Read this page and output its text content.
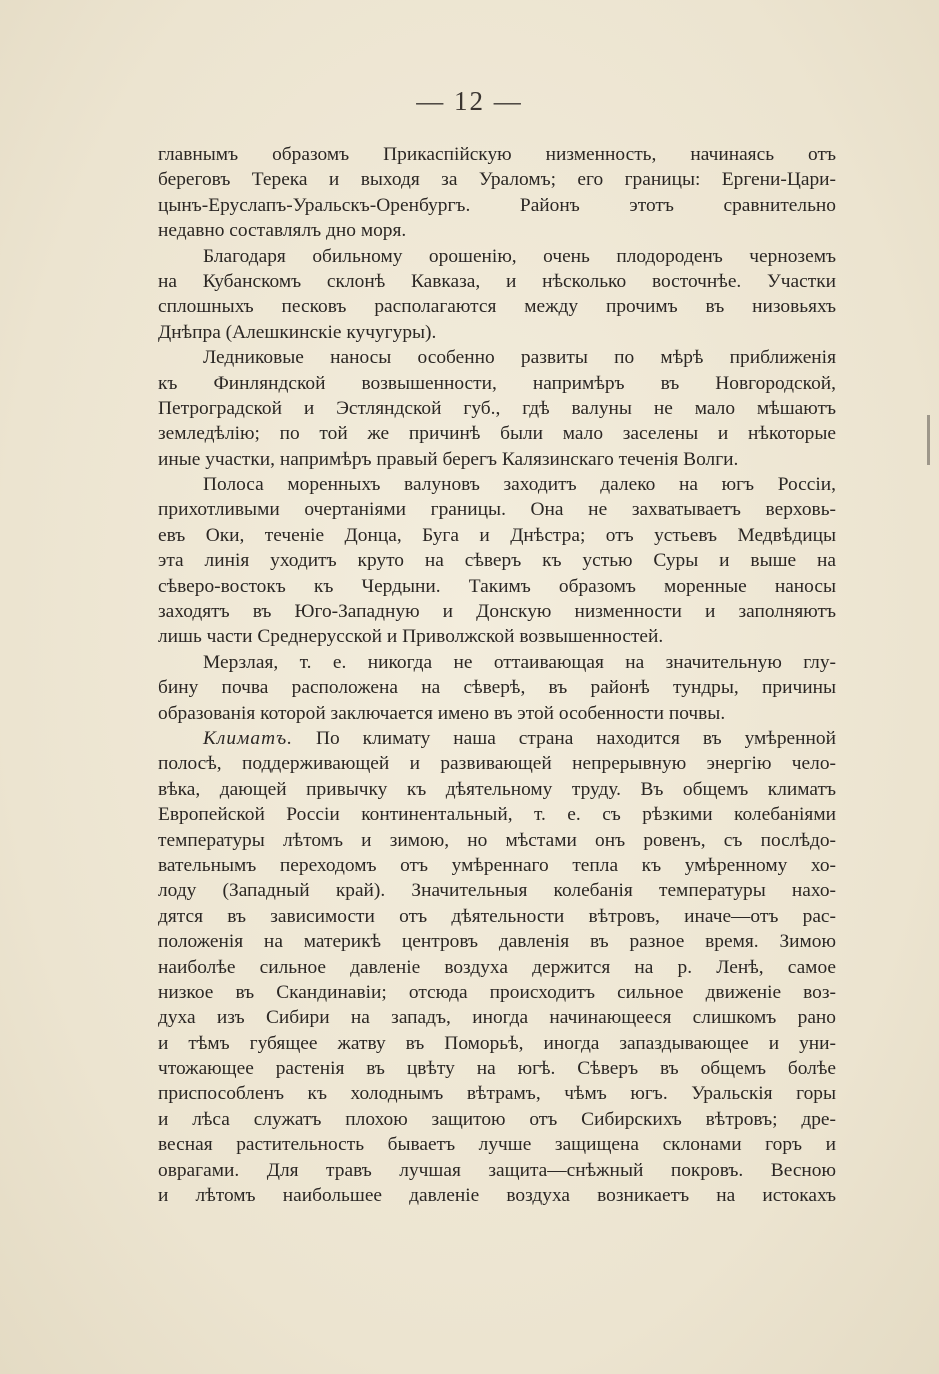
— 12 —
главнымъ образомъ Прикаспійскую низменность, начинаясь отъ
береговъ Терека и выходя за Ураломъ; его границы: Ергени-Цари-
цынъ-Еруслапъ-Уральскъ-Оренбургъ. Районъ этотъ сравнительно
недавно составлялъ дно моря.
Благодаря обильному орошенію, очень плодороденъ черноземъ
на Кубанскомъ склонѣ Кавказа, и нѣсколько восточнѣе. Участки
сплошныхъ песковъ располагаются между прочимъ въ низовьяхъ
Днѣпра (Алешкинскіе кучугуры).
Ледниковые наносы особенно развиты по мѣрѣ приближенія
къ Финляндской возвышенности, напримѣръ въ Новгородской,
Петроградской и Эстляндской губ., гдѣ валуны не мало мѣшаютъ
земледѣлію; по той же причинѣ были мало заселены и нѣкоторые
иные участки, напримѣръ правый берегъ Калязинскаго теченія Волги.
Полоса моренныхъ валуновъ заходитъ далеко на югъ Россіи,
прихотливыми очертаніями границы. Она не захватываетъ верховь-
евъ Оки, теченіе Донца, Буга и Днѣстра; отъ устьевъ Медвѣдицы
эта линія уходитъ круто на сѣверъ къ устью Суры и выше на
сѣверо-востокъ къ Чердыни. Такимъ образомъ моренные наносы
заходятъ въ Юго-Западную и Донскую низменности и заполняютъ
лишь части Среднерусской и Приволжской возвышенностей.
Мерзлая, т. е. никогда не оттаивающая на значительную глу-
бину почва расположена на сѣверѣ, въ районѣ тундры, причины
образованія которой заключается имено въ этой особенности почвы.
Климатъ. По климату наша страна находится въ умѣренной
полосѣ, поддерживающей и развивающей непрерывную энергію чело-
вѣка, дающей привычку къ дѣятельному труду. Въ общемъ климатъ
Европейской Россіи континентальный, т. е. съ рѣзкими колебаніями
температуры лѣтомъ и зимою, но мѣстами онъ ровенъ, съ послѣдо-
вательнымъ переходомъ отъ умѣреннаго тепла къ умѣренному хо-
лоду (Западный край). Значительныя колебанія температуры нахо-
дятся въ зависимости отъ дѣятельности вѣтровъ, иначе—отъ рас-
положенія на материкѣ центровъ давленія въ разное время. Зимою
наиболѣе сильное давленіе воздуха держится на р. Ленѣ, самое
низкое въ Скандинавіи; отсюда происходитъ сильное движеніе воз-
духа изъ Сибири на западъ, иногда начинающееся слишкомъ рано
и тѣмъ губящее жатву въ Поморьѣ, иногда запаздывающее и уни-
чтожающее растенія въ цвѣту на югѣ. Сѣверъ въ общемъ болѣе
приспособленъ къ холоднымъ вѣтрамъ, чѣмъ югъ. Уральскія горы
и лѣса служатъ плохою защитою отъ Сибирскихъ вѣтровъ; дре-
весная растительность бываетъ лучше защищена склонами горъ и
оврагами. Для травъ лучшая защита—снѣжный покровъ. Весною
и лѣтомъ наибольшее давленіе воздуха возникаетъ на истокахъ
